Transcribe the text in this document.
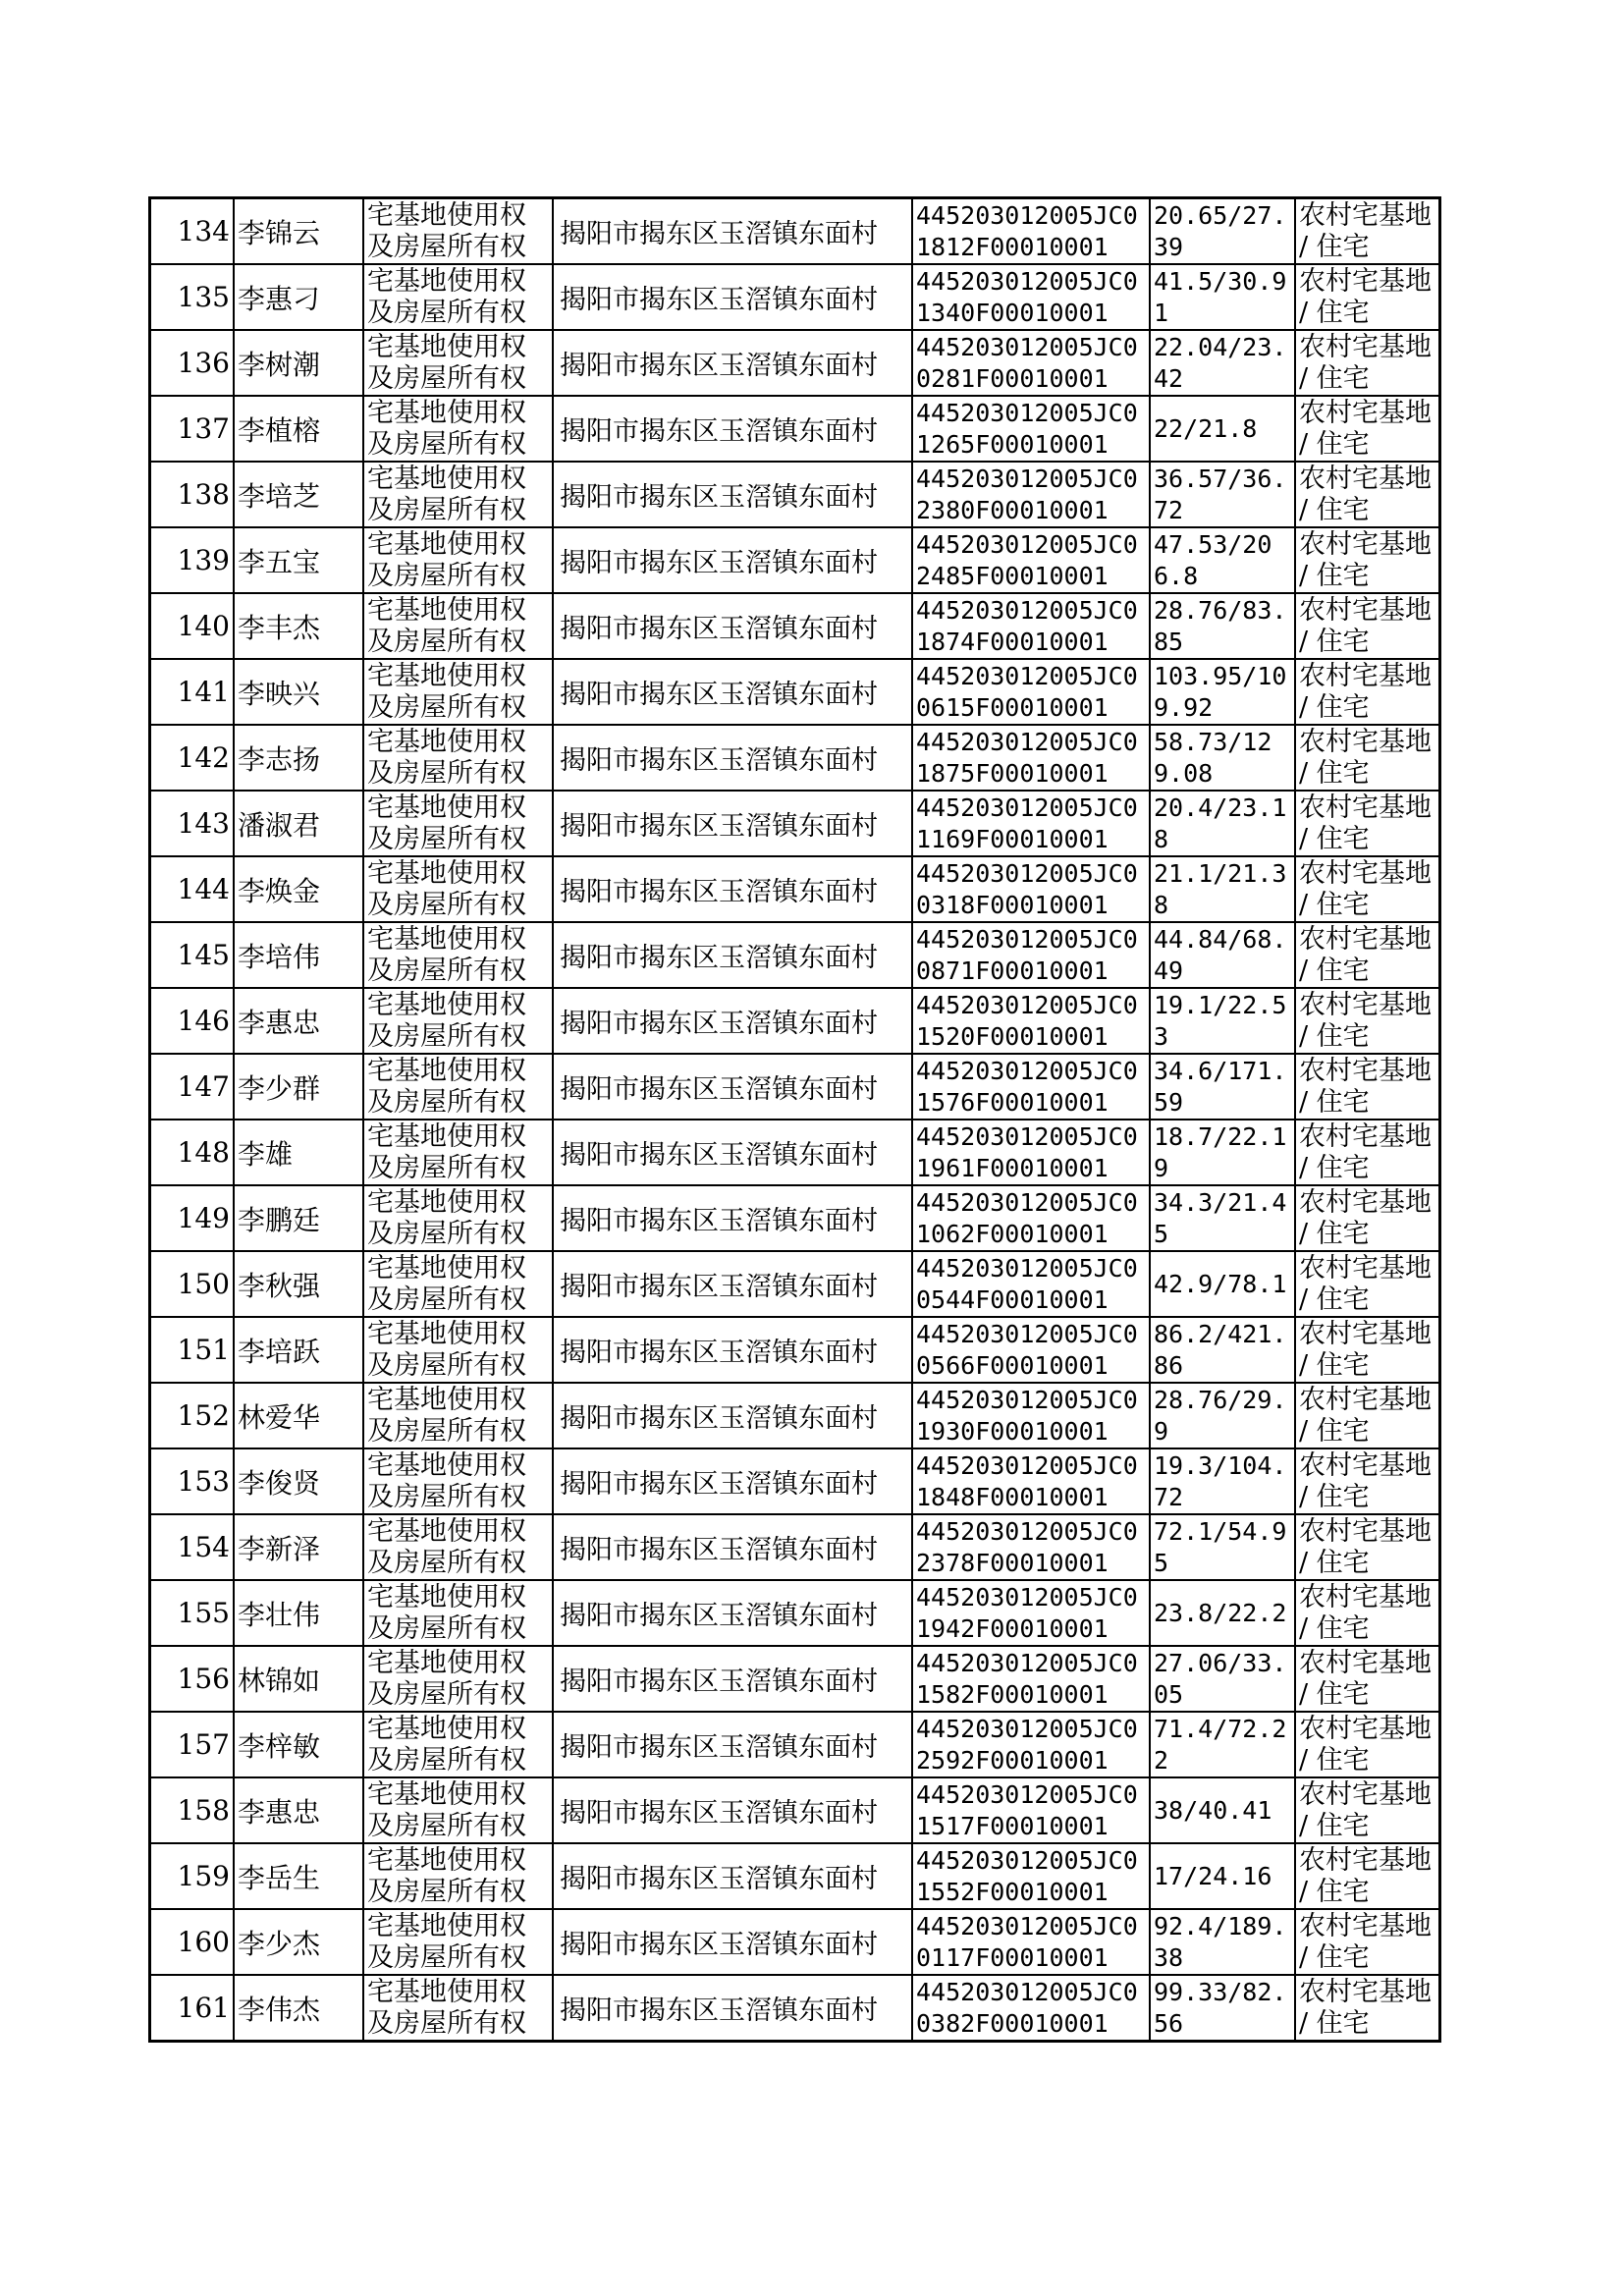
134	李锦云	宅基地使用权及房屋所有权	揭阳市揭东区玉滘镇东面村	445203012005JC01812F00010001	20.65/27.39	农村宅基地 / 住宅

135	李惠刁	宅基地使用权及房屋所有权	揭阳市揭东区玉滘镇东面村	445203012005JC01340F00010001	41.5/30.91	农村宅基地 / 住宅

136	李树潮	宅基地使用权及房屋所有权	揭阳市揭东区玉滘镇东面村	445203012005JC00281F00010001	22.04/23.42	农村宅基地 / 住宅

137	李植榕	宅基地使用权及房屋所有权	揭阳市揭东区玉滘镇东面村	445203012005JC01265F00010001	22/21.8	农村宅基地 / 住宅

138	李培芝	宅基地使用权及房屋所有权	揭阳市揭东区玉滘镇东面村	445203012005JC02380F00010001	36.57/36.72	农村宅基地 / 住宅

139	李五宝	宅基地使用权及房屋所有权	揭阳市揭东区玉滘镇东面村	445203012005JC02485F00010001	47.53/206.8	农村宅基地 / 住宅

140	李丰杰	宅基地使用权及房屋所有权	揭阳市揭东区玉滘镇东面村	445203012005JC01874F00010001	28.76/83.85	农村宅基地 / 住宅

141	李映兴	宅基地使用权及房屋所有权	揭阳市揭东区玉滘镇东面村	445203012005JC00615F00010001	103.95/109.92	农村宅基地 / 住宅

142	李志扬	宅基地使用权及房屋所有权	揭阳市揭东区玉滘镇东面村	445203012005JC01875F00010001	58.73/129.08	农村宅基地 / 住宅

143	潘淑君	宅基地使用权及房屋所有权	揭阳市揭东区玉滘镇东面村	445203012005JC01169F00010001	20.4/23.18	农村宅基地 / 住宅

144	李焕金	宅基地使用权及房屋所有权	揭阳市揭东区玉滘镇东面村	445203012005JC00318F00010001	21.1/21.38	农村宅基地 / 住宅

145	李培伟	宅基地使用权及房屋所有权	揭阳市揭东区玉滘镇东面村	445203012005JC00871F00010001	44.84/68.49	农村宅基地 / 住宅

146	李惠忠	宅基地使用权及房屋所有权	揭阳市揭东区玉滘镇东面村	445203012005JC01520F00010001	19.1/22.53	农村宅基地 / 住宅

147	李少群	宅基地使用权及房屋所有权	揭阳市揭东区玉滘镇东面村	445203012005JC01576F00010001	34.6/171.59	农村宅基地 / 住宅

148	李雄	宅基地使用权及房屋所有权	揭阳市揭东区玉滘镇东面村	445203012005JC01961F00010001	18.7/22.19	农村宅基地 / 住宅

149	李鹏廷	宅基地使用权及房屋所有权	揭阳市揭东区玉滘镇东面村	445203012005JC01062F00010001	34.3/21.45	农村宅基地 / 住宅

150	李秋强	宅基地使用权及房屋所有权	揭阳市揭东区玉滘镇东面村	445203012005JC00544F00010001	42.9/78.1	农村宅基地 / 住宅

151	李培跃	宅基地使用权及房屋所有权	揭阳市揭东区玉滘镇东面村	445203012005JC00566F00010001	86.2/421.86	农村宅基地 / 住宅

152	林爱华	宅基地使用权及房屋所有权	揭阳市揭东区玉滘镇东面村	445203012005JC01930F00010001	28.76/29.9	农村宅基地 / 住宅

153	李俊贤	宅基地使用权及房屋所有权	揭阳市揭东区玉滘镇东面村	445203012005JC01848F00010001	19.3/104.72	农村宅基地 / 住宅

154	李新泽	宅基地使用权及房屋所有权	揭阳市揭东区玉滘镇东面村	445203012005JC02378F00010001	72.1/54.95	农村宅基地 / 住宅

155	李壮伟	宅基地使用权及房屋所有权	揭阳市揭东区玉滘镇东面村	445203012005JC01942F00010001	23.8/22.2	农村宅基地 / 住宅

156	林锦如	宅基地使用权及房屋所有权	揭阳市揭东区玉滘镇东面村	445203012005JC01582F00010001	27.06/33.05	农村宅基地 / 住宅

157	李梓敏	宅基地使用权及房屋所有权	揭阳市揭东区玉滘镇东面村	445203012005JC02592F00010001	71.4/72.22	农村宅基地 / 住宅

158	李惠忠	宅基地使用权及房屋所有权	揭阳市揭东区玉滘镇东面村	445203012005JC01517F00010001	38/40.41	农村宅基地 / 住宅

159	李岳生	宅基地使用权及房屋所有权	揭阳市揭东区玉滘镇东面村	445203012005JC01552F00010001	17/24.16	农村宅基地 / 住宅

160	李少杰	宅基地使用权及房屋所有权	揭阳市揭东区玉滘镇东面村	445203012005JC00117F00010001	92.4/189.38	农村宅基地 / 住宅

161	李伟杰	宅基地使用权及房屋所有权	揭阳市揭东区玉滘镇东面村	445203012005JC00382F00010001	99.33/82.56	农村宅基地 / 住宅
